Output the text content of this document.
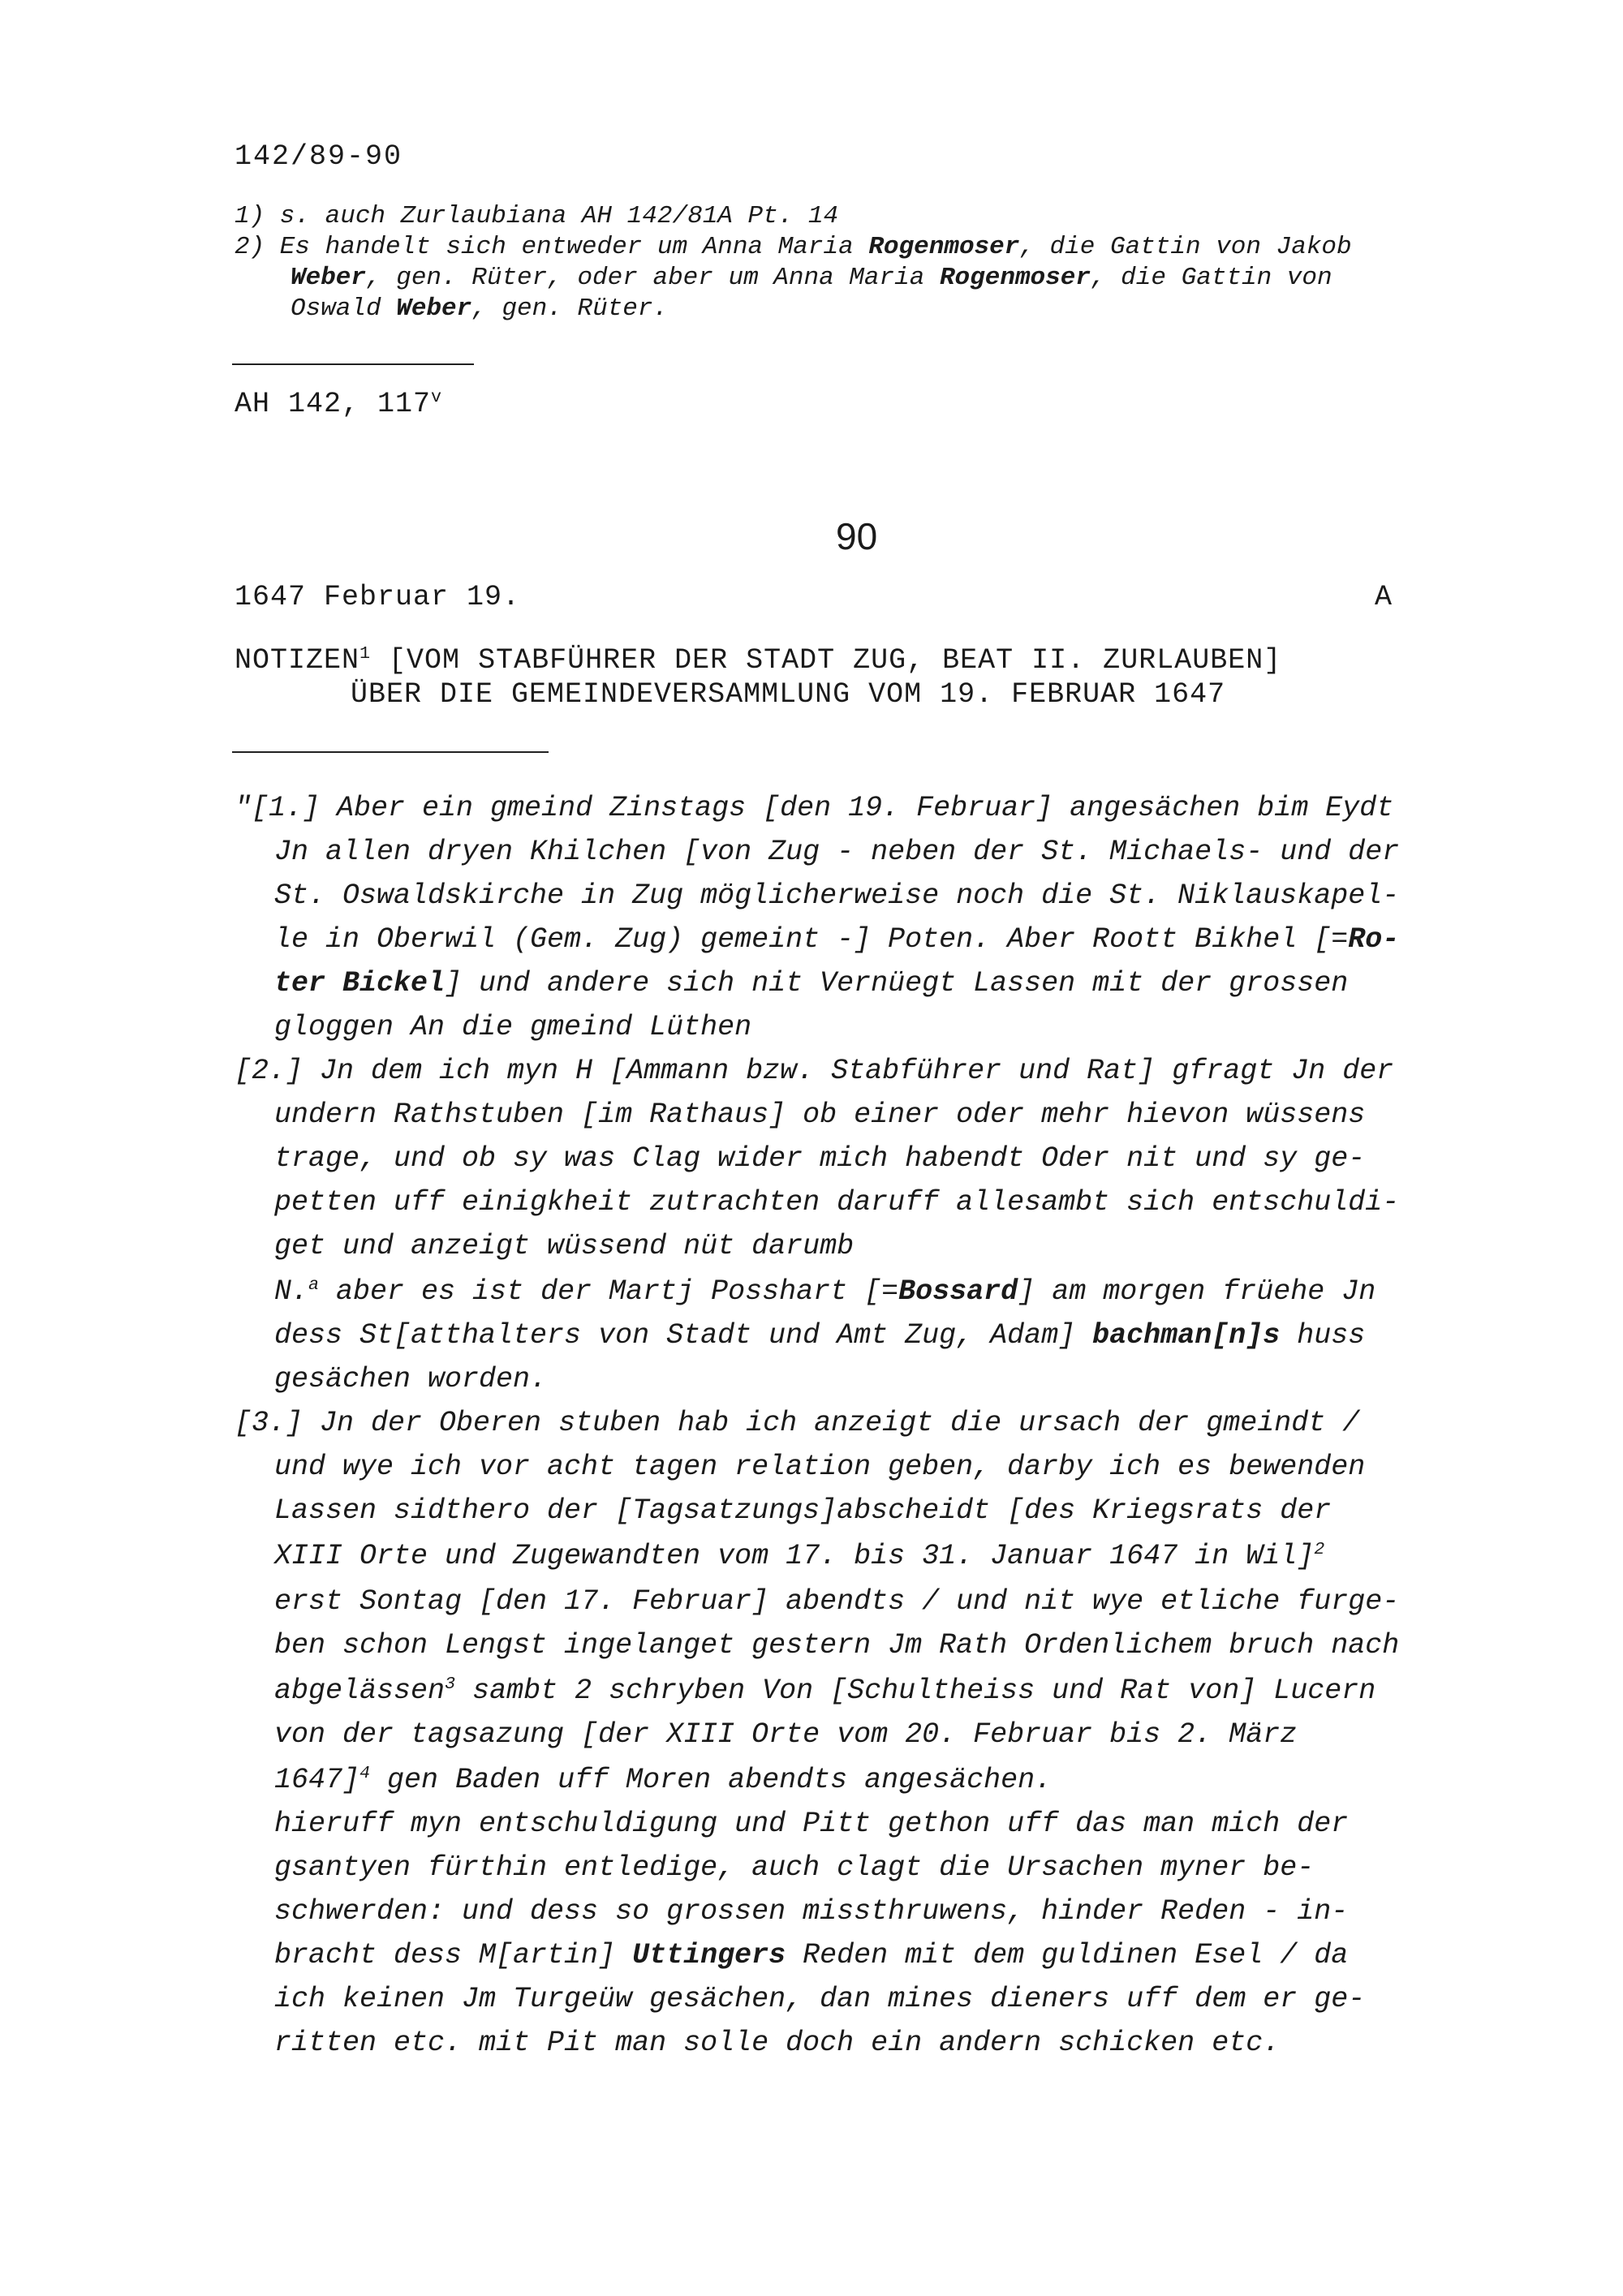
142/89-90
1) s. auch Zurlaubiana AH 142/81A Pt. 14
2) Es handelt sich entweder um Anna Maria Rogenmoser, die Gattin von Jakob
Weber, gen. Rüter, oder aber um Anna Maria Rogenmoser, die Gattin von
Oswald Weber, gen. Rüter.
AH 142, 117$^v$
90
1647 Februar 19.	A
NOTIZEN$^1$ [VOM STABFÜHRER DER STADT ZUG, BEAT II. ZURLAUBEN]
ÜBER DIE GEMEINDEVERSAMMLUNG VOM 19. FEBRUAR 1647
"[1.] Aber ein gmeind Zinstags [den 19. Februar] angesächen bim Eydt
Jn allen dryen Khilchen [von Zug - neben der St. Michaels- und der
St. Oswaldskirche in Zug möglicherweise noch die St. Niklauskapel-
le in Oberwil (Gem. Zug) gemeint -] Poten. Aber Roott Bikhel [=Ro-
ter Bickel] und andere sich nit Vernüegt Lassen mit der grossen
gloggen An die gmeind Lüthen
[2.] Jn dem ich myn H [Ammann bzw. Stabführer und Rat] gfragt Jn der
undern Rathstuben [im Rathaus] ob einer oder mehr hievon wüssens
trage, und ob sy was Clag wider mich habendt Oder nit und sy ge-
petten uff einigkheit zutrachten daruff allesambt sich entschuldi-
get und anzeigt wüssend nüt darumb
N.$^a$ aber es ist der Martj Posshart [=Bossard] am morgen früehe Jn
dess St[atthalters von Stadt und Amt Zug, Adam] bachman[n]s huss
gesächen worden.
[3.] Jn der Oberen stuben hab ich anzeigt die ursach der gmeindt /
und wye ich vor acht tagen relation geben, darby ich es bewenden
Lassen sidthero der [Tagsatzungs]abscheidt [des Kriegsrats der
XIII Orte und Zugewandten vom 17. bis 31. Januar 1647 in Wil]$^2$
erst Sontag [den 17. Februar] abendts / und nit wye etliche furge-
ben schon Lengst ingelanget gestern Jm Rath Ordenlichem bruch nach
abgelässen$^3$ sambt 2 schryben Von [Schultheiss und Rat von] Lucern
von der tagsazung [der XIII Orte vom 20. Februar bis 2. März
1647]$^4$ gen Baden uff Moren abendts angesächen.
hieruff myn entschuldigung und Pitt gethon uff das man mich der
gsantyen fürthin entledige, auch clagt die Ursachen myner be-
schwerden: und dess so grossen missthruwens, hinder Reden - in-
bracht dess M[artin] Uttingers Reden mit dem guldinen Esel / da
ich keinen Jm Turgeüw gesächen, dan mines dieners uff dem er ge-
ritten etc. mit Pit man solle doch ein andern schicken etc.
